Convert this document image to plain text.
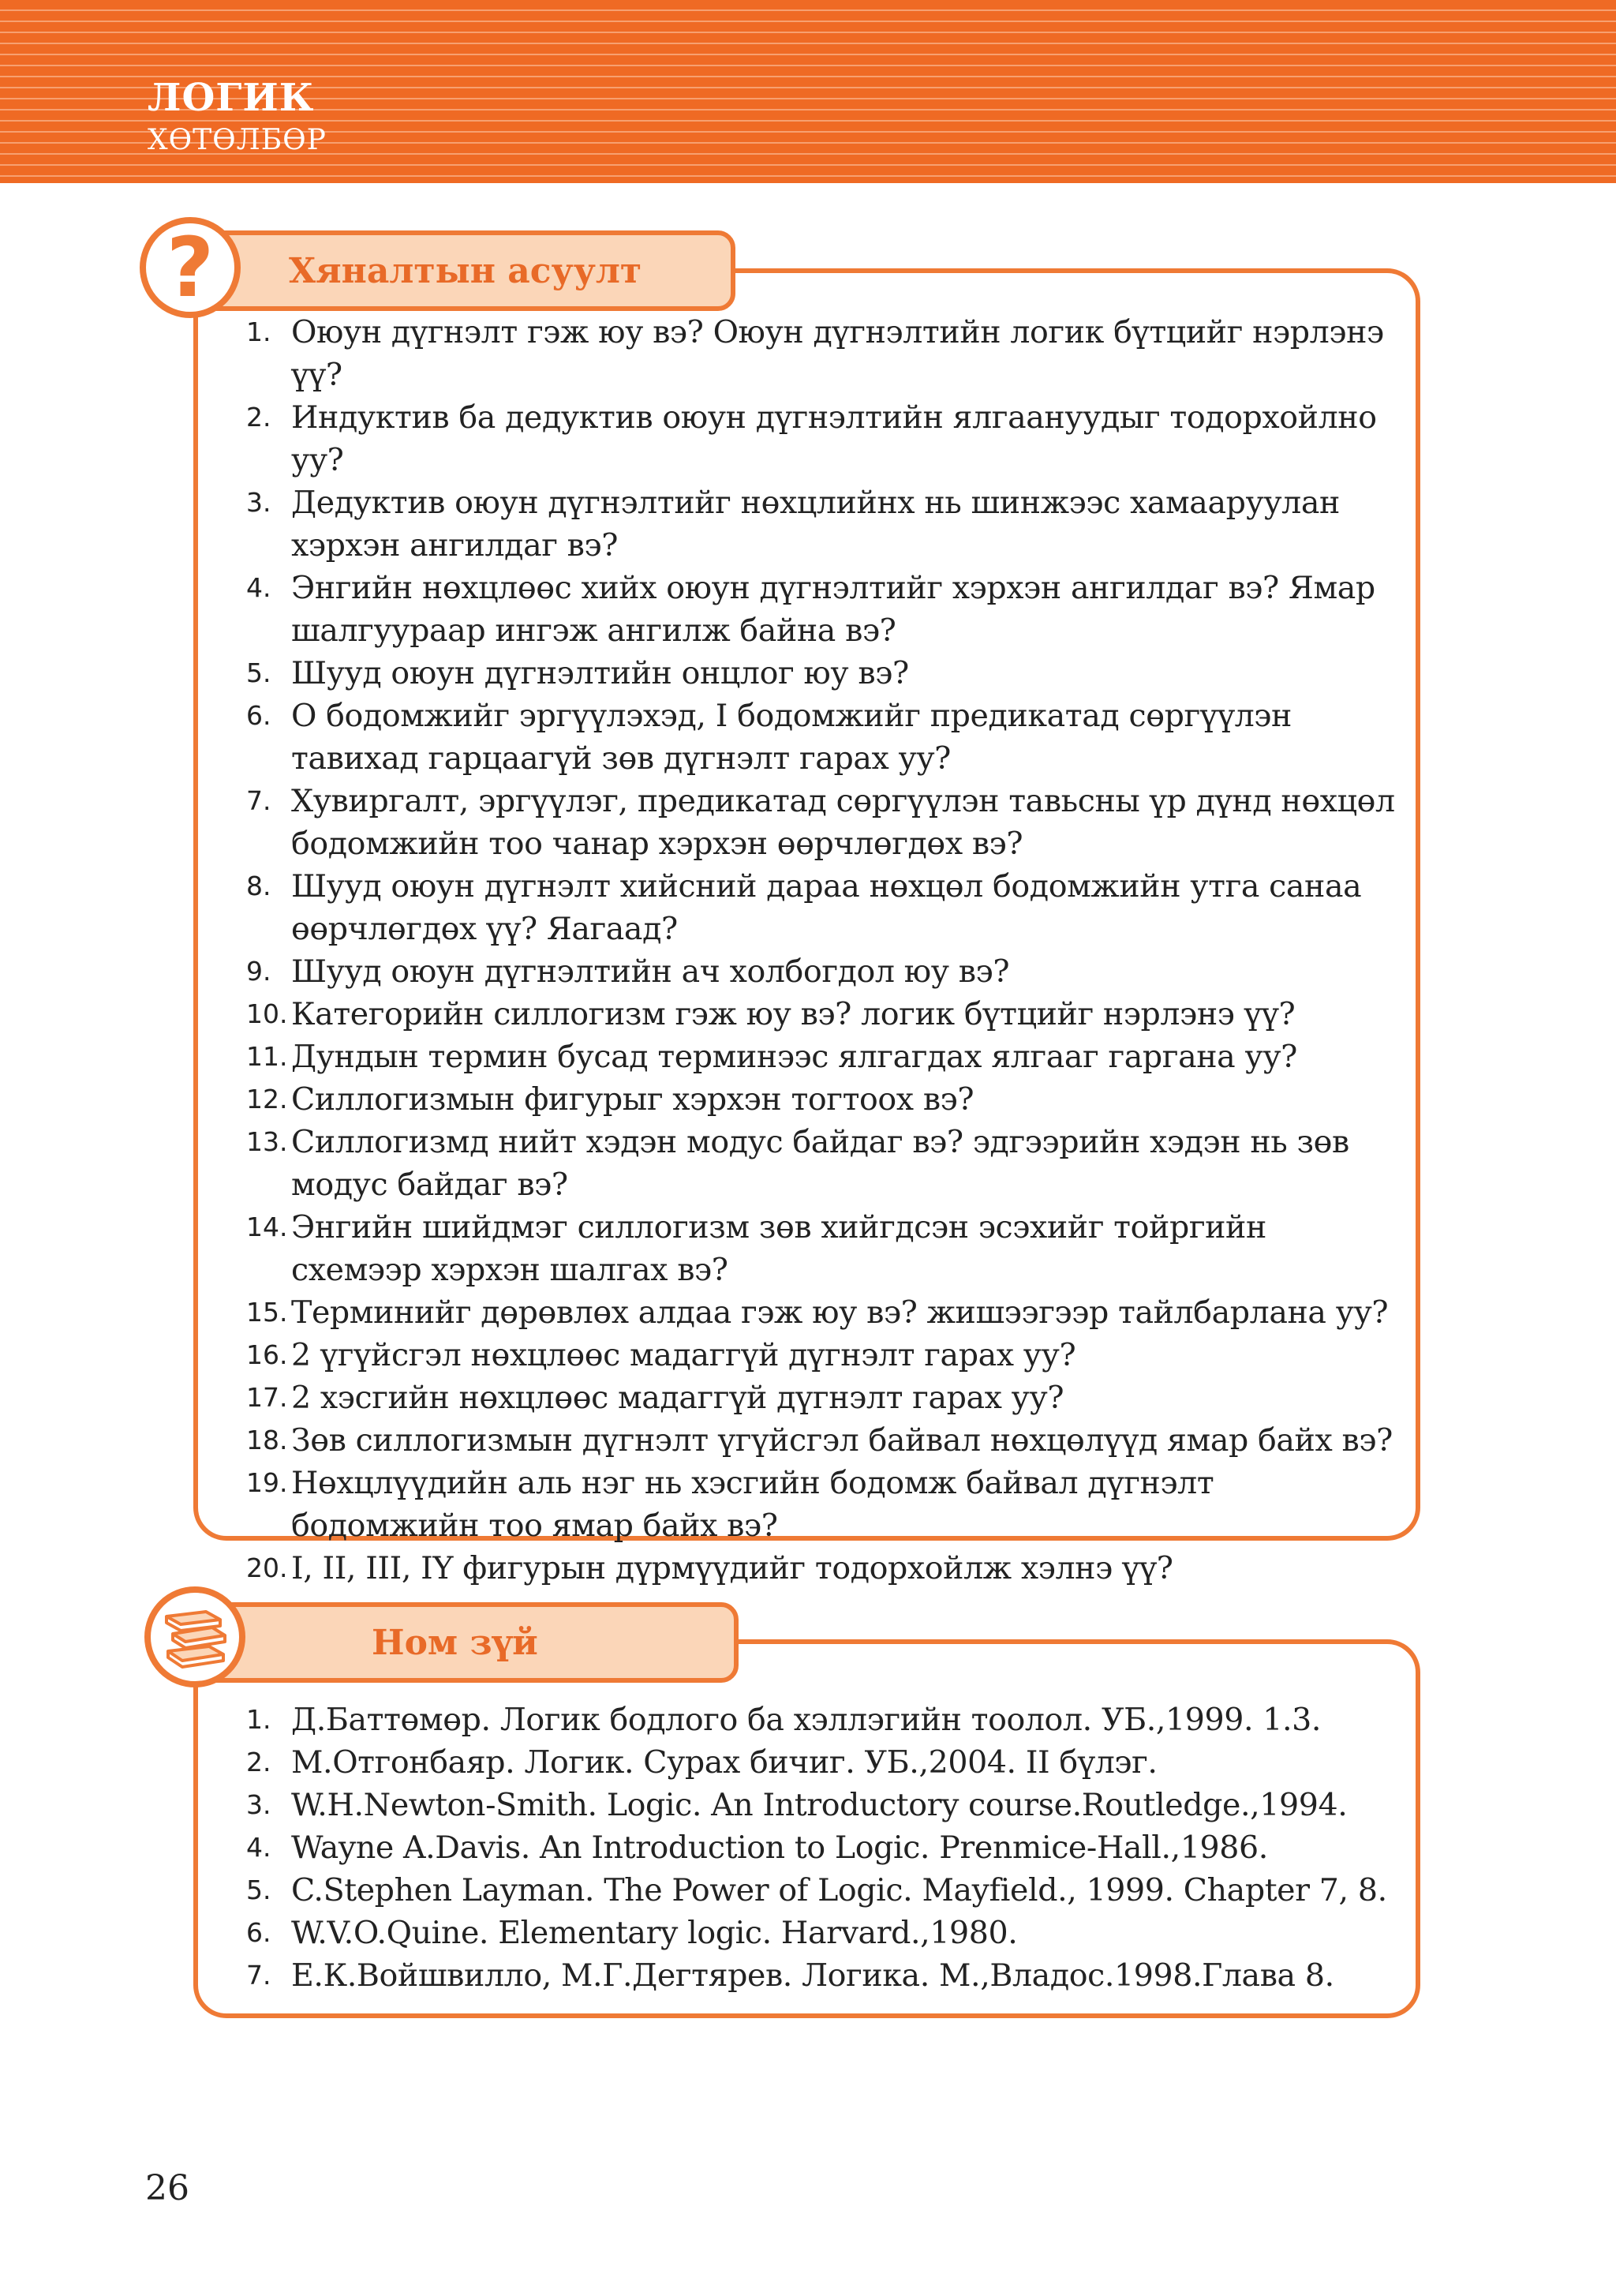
ЛОГИК
ХӨТӨЛБӨР
Хяналтын асуулт
?
1. Оюун дүгнэлт гэж юу вэ? Оюун дүгнэлтийн логик бүтцийг нэрлэнэ үү?
2. Индуктив ба дедуктив оюун дүгнэлтийн ялгаануудыг тодорхойлно уу?
3. Дедуктив оюун дүгнэлтийг нөхцлийнх нь шинжээс хамааруулан хэрхэн ангилдаг вэ?
4. Энгийн нөхцлөөс хийх оюун дүгнэлтийг хэрхэн ангилдаг вэ? Ямар шалгуураар ингэж ангилж байна вэ?
5. Шууд оюун дүгнэлтийн онцлог юу вэ?
6. О бодомжийг эргүүлэхэд, I бодомжийг предикатад сөргүүлэн тавихад гарцаагүй зөв дүгнэлт гарах уу?
7. Хувиргалт, эргүүлэг, предикатад сөргүүлэн тавьсны үр дүнд нөхцөл бодомжийн тоо чанар хэрхэн өөрчлөгдөх вэ?
8. Шууд оюун дүгнэлт хийсний дараа нөхцөл бодомжийн утга санаа өөрчлөгдөх үү? Яагаад?
9. Шууд оюун дүгнэлтийн ач холбогдол юу вэ?
10. Категорийн силлогизм гэж юу вэ? логик бүтцийг нэрлэнэ үү?
11. Дундын термин бусад терминээс ялгагдах ялгааг гаргана уу?
12. Силлогизмын фигурыг хэрхэн тогтоох вэ?
13. Силлогизмд нийт хэдэн модус байдаг вэ? эдгээрийн хэдэн нь зөв модус байдаг вэ?
14. Энгийн шийдмэг силлогизм зөв хийгдсэн эсэхийг тойргийн схемээр хэрхэн шалгах вэ?
15. Терминийг дөрөвлөх алдаа гэж юу вэ? жишээгээр тайлбарлана уу?
16. 2 үгүйсгэл нөхцлөөс мадаггүй дүгнэлт гарах уу?
17. 2 хэсгийн нөхцлөөс мадаггүй дүгнэлт гарах уу?
18. Зөв силлогизмын дүгнэлт үгүйсгэл байвал нөхцөлүүд ямар байх вэ?
19. Нөхцлүүдийн аль нэг нь хэсгийн бодомж байвал дүгнэлт бодомжийн тоо ямар байх вэ?
20. I, II, III, IY фигурын дүрмүүдийг тодорхойлж хэлнэ үү?
Ном зүй
1. Д.Баттөмөр. Логик бодлого ба хэллэгийн тоолол. УБ.,1999. 1.3.
2. М.Отгонбаяр. Логик. Сурах бичиг. УБ.,2004. II бүлэг.
3. W.H.Newton-Smith. Logic. An Introductory course.Routledge.,1994.
4. Wayne A.Davis. An Introduction to Logic. Prenmice-Hall.,1986.
5. C.Stephen Layman. The Power of Logic. Mayfield., 1999. Chapter 7, 8.
6. W.V.O.Quine. Elementary logic. Harvard.,1980.
7. Е.К.Войшвилло, М.Г.Дегтярев. Логика. М.,Владос.1998.Глава 8.
26
